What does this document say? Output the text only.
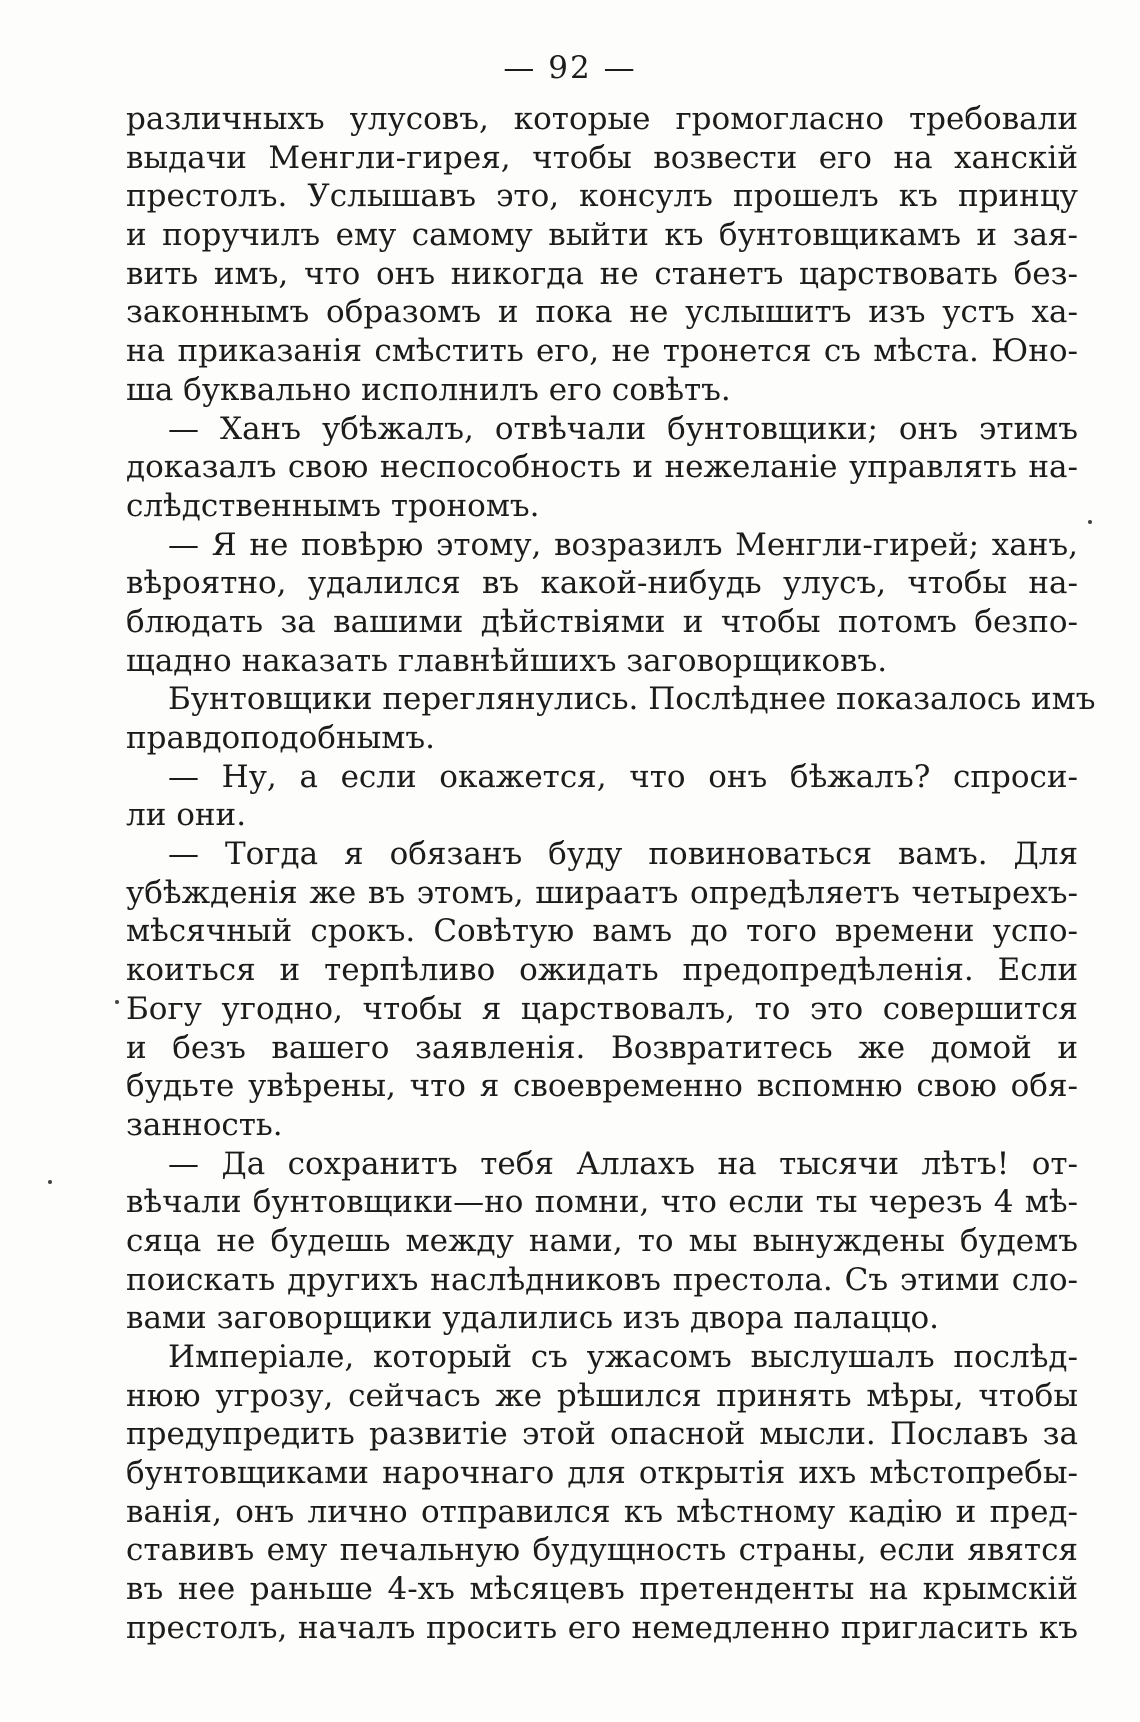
— 92 —
различныхъ улусовъ, которые громогласно требовали
выдачи Менгли-гирея, чтобы возвести его на ханскій
престолъ. Услышавъ это, консулъ прошелъ къ принцу
и поручилъ ему самому выйти къ бунтовщикамъ и зая-
вить имъ, что онъ никогда не станетъ царствовать без-
законнымъ образомъ и пока не услышитъ изъ устъ ха-
на приказанія смѣстить его, не тронется съ мѣста. Юно-
ша буквально исполнилъ его совѣтъ.
— Ханъ убѣжалъ, отвѣчали бунтовщики; онъ этимъ
доказалъ свою неспособность и нежеланіе управлять на-
слѣдственнымъ трономъ.
— Я не повѣрю этому, возразилъ Менгли-гирей; ханъ,
вѣроятно, удалился въ какой-нибудь улусъ, чтобы на-
блюдать за вашими дѣйствіями и чтобы потомъ безпо-
щадно наказать главнѣйшихъ заговорщиковъ.
Бунтовщики переглянулись. Послѣднее показалось имъ
правдоподобнымъ.
— Ну, а если окажется, что онъ бѣжалъ? спроси-
ли они.
— Тогда я обязанъ буду повиноваться вамъ. Для
убѣжденія же въ этомъ, шираатъ опредѣляетъ четырехъ-
мѣсячный срокъ. Совѣтую вамъ до того времени успо-
коиться и терпѣливо ожидать предопредѣленія. Если
Богу угодно, чтобы я царствовалъ, то это совершится
и безъ вашего заявленія. Возвратитесь же домой и
будьте увѣрены, что я своевременно вспомню свою обя-
занность.
— Да сохранитъ тебя Аллахъ на тысячи лѣтъ! от-
вѣчали бунтовщики—но помни, что если ты черезъ 4 мѣ-
сяца не будешь между нами, то мы вынуждены будемъ
поискать другихъ наслѣдниковъ престола. Съ этими сло-
вами заговорщики удалились изъ двора палаццо.
Имперіале, который съ ужасомъ выслушалъ послѣд-
нюю угрозу, сейчасъ же рѣшился принять мѣры, чтобы
предупредить развитіе этой опасной мысли. Пославъ за
бунтовщиками нарочнаго для открытія ихъ мѣстопребы-
ванія, онъ лично отправился къ мѣстному кадію и пред-
ставивъ ему печальную будущность страны, если явятся
въ нее раньше 4-хъ мѣсяцевъ претенденты на крымскій
престолъ, началъ просить его немедленно пригласить къ
